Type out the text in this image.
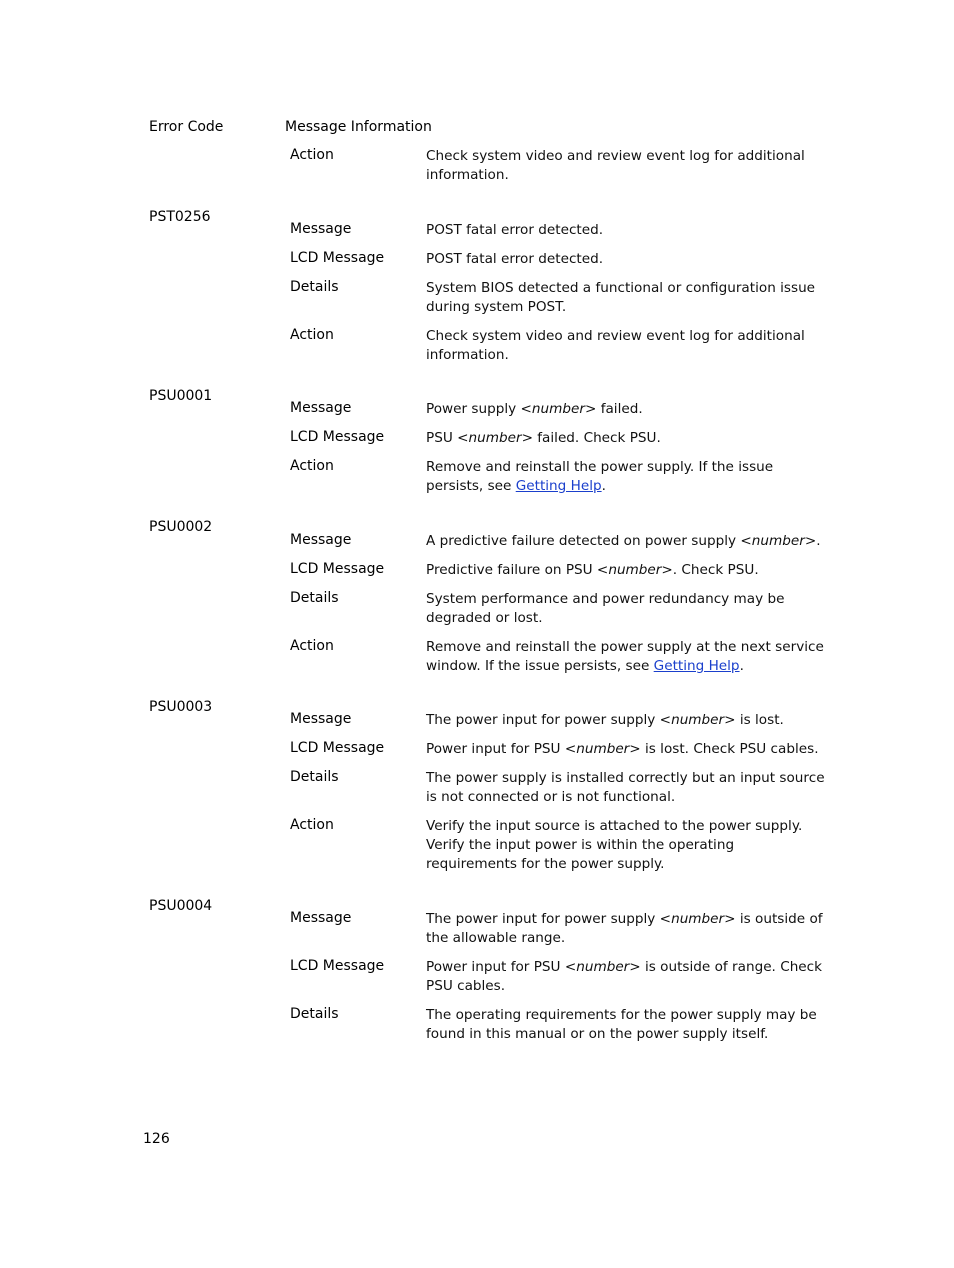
Error Code	Message Information
Action	Check system video and review event log for additional information.
PST0256
Message	POST fatal error detected.
LCD Message	POST fatal error detected.
Details	System BIOS detected a functional or configuration issue during system POST.
Action	Check system video and review event log for additional information.
PSU0001
Message	Power supply <number> failed.
LCD Message	PSU <number> failed. Check PSU.
Action	Remove and reinstall the power supply. If the issue persists, see Getting Help.
PSU0002
Message	A predictive failure detected on power supply <number>.
LCD Message	Predictive failure on PSU <number>. Check PSU.
Details	System performance and power redundancy may be degraded or lost.
Action	Remove and reinstall the power supply at the next service window. If the issue persists, see Getting Help.
PSU0003
Message	The power input for power supply <number> is lost.
LCD Message	Power input for PSU <number> is lost. Check PSU cables.
Details	The power supply is installed correctly but an input source is not connected or is not functional.
Action	Verify the input source is attached to the power supply. Verify the input power is within the operating requirements for the power supply.
PSU0004
Message	The power input for power supply <number> is outside of the allowable range.
LCD Message	Power input for PSU <number> is outside of range. Check PSU cables.
Details	The operating requirements for the power supply may be found in this manual or on the power supply itself.
126
